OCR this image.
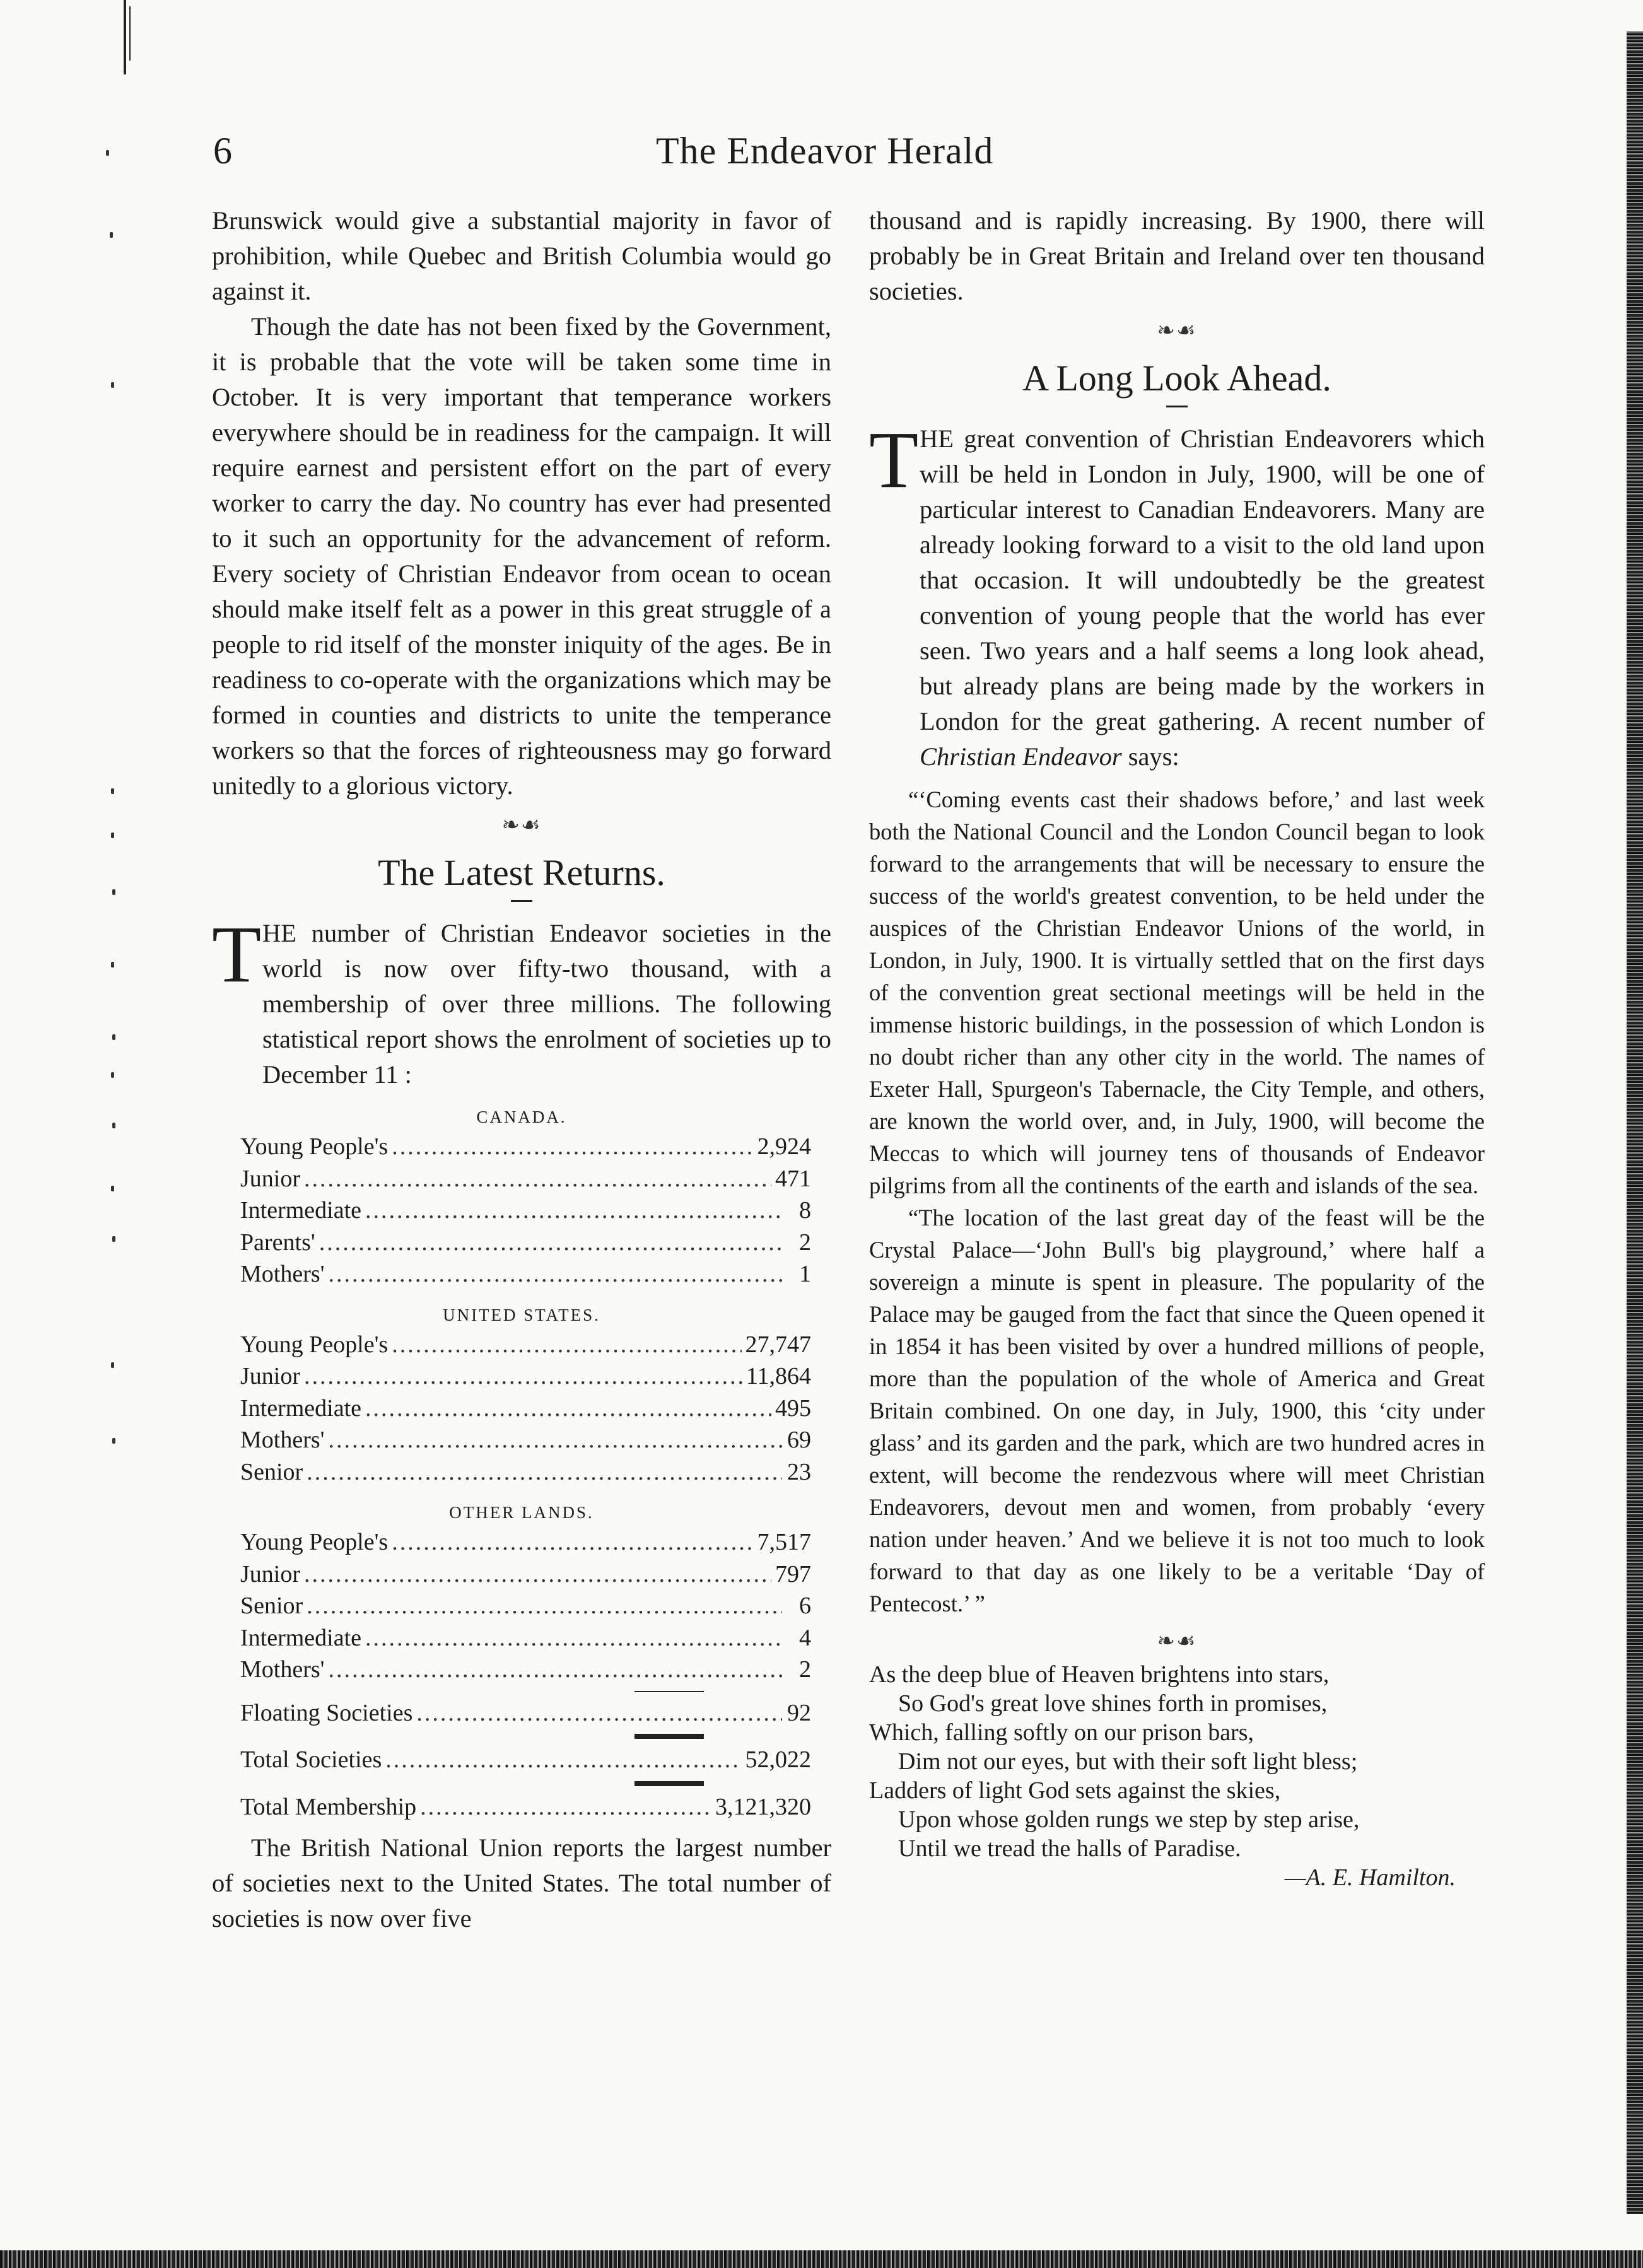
6	The Endeavor Herald

Brunswick would give a substantial majority in favor of prohibition, while Quebec and British Columbia would go against it.

Though the date has not been fixed by the Government, it is probable that the vote will be taken some time in October. It is very important that temperance workers everywhere should be in readiness for the campaign. It will require earnest and persistent effort on the part of every worker to carry the day. No country has ever had presented to it such an opportunity for the advancement of reform. Every society of Christian Endeavor from ocean to ocean should make itself felt as a power in this great struggle of a people to rid itself of the monster iniquity of the ages. Be in readiness to co-operate with the organizations which may be formed in counties and districts to unite the temperance workers so that the forces of righteousness may go forward unitedly to a glorious victory.

❧☙
The Latest Returns.
T HE number of Christian Endeavor societies in the world is now over fifty-two thousand, with a membership of over three millions. The following statistical report shows the enrolment of societies up to December 11 :

CANADA.
Young People's .....	2,924
Junior .....	471
Intermediate .....	8
Parents' .....	2
Mothers' .....	1
UNITED STATES.
Young People's .....	27,747
Junior .....	11,864
Intermediate .....	495
Mothers' .....	69
Senior .....	23
OTHER LANDS.
Young People's .....	7,517
Junior .....	797
Senior .....	6
Intermediate .....	4
Mothers' .....	2
Floating Societies .....	92
Total Societies .....	52,022
Total Membership .....	3,121,320

The British National Union reports the largest number of societies next to the United States. The total number of societies is now over five

thousand and is rapidly increasing. By 1900, there will probably be in Great Britain and Ireland over ten thousand societies.

❧☙
A Long Look Ahead.
T HE great convention of Christian Endeavorers which will be held in London in July, 1900, will be one of particular interest to Canadian Endeavorers. Many are already looking forward to a visit to the old land upon that occasion. It will undoubtedly be the greatest convention of young people that the world has ever seen. Two years and a half seems a long look ahead, but already plans are being made by the workers in London for the great gathering. A recent number of Christian Endeavor says:

“‘Coming events cast their shadows before,’ and last week both the National Council and the London Council began to look forward to the arrangements that will be necessary to ensure the success of the world's greatest convention, to be held under the auspices of the Christian Endeavor Unions of the world, in London, in July, 1900. It is virtually settled that on the first days of the convention great sectional meetings will be held in the immense historic buildings, in the possession of which London is no doubt richer than any other city in the world. The names of Exeter Hall, Spurgeon's Tabernacle, the City Temple, and others, are known the world over, and, in July, 1900, will become the Meccas to which will journey tens of thousands of Endeavor pilgrims from all the continents of the earth and islands of the sea.

“The location of the last great day of the feast will be the Crystal Palace—‘John Bull's big playground,’ where half a sovereign a minute is spent in pleasure. The popularity of the Palace may be gauged from the fact that since the Queen opened it in 1854 it has been visited by over a hundred millions of people, more than the population of the whole of America and Great Britain combined. On one day, in July, 1900, this ‘city under glass’ and its garden and the park, which are two hundred acres in extent, will become the rendezvous where will meet Christian Endeavorers, devout men and women, from probably ‘every nation under heaven.’ And we believe it is not too much to look forward to that day as one likely to be a veritable ‘Day of Pentecost.’ ”

❧☙
As the deep blue of Heaven brightens into stars,
So God's great love shines forth in promises,
Which, falling softly on our prison bars,
Dim not our eyes, but with their soft light bless;
Ladders of light God sets against the skies,
Upon whose golden rungs we step by step arise,
Until we tread the halls of Paradise.
—A. E. Hamilton.
